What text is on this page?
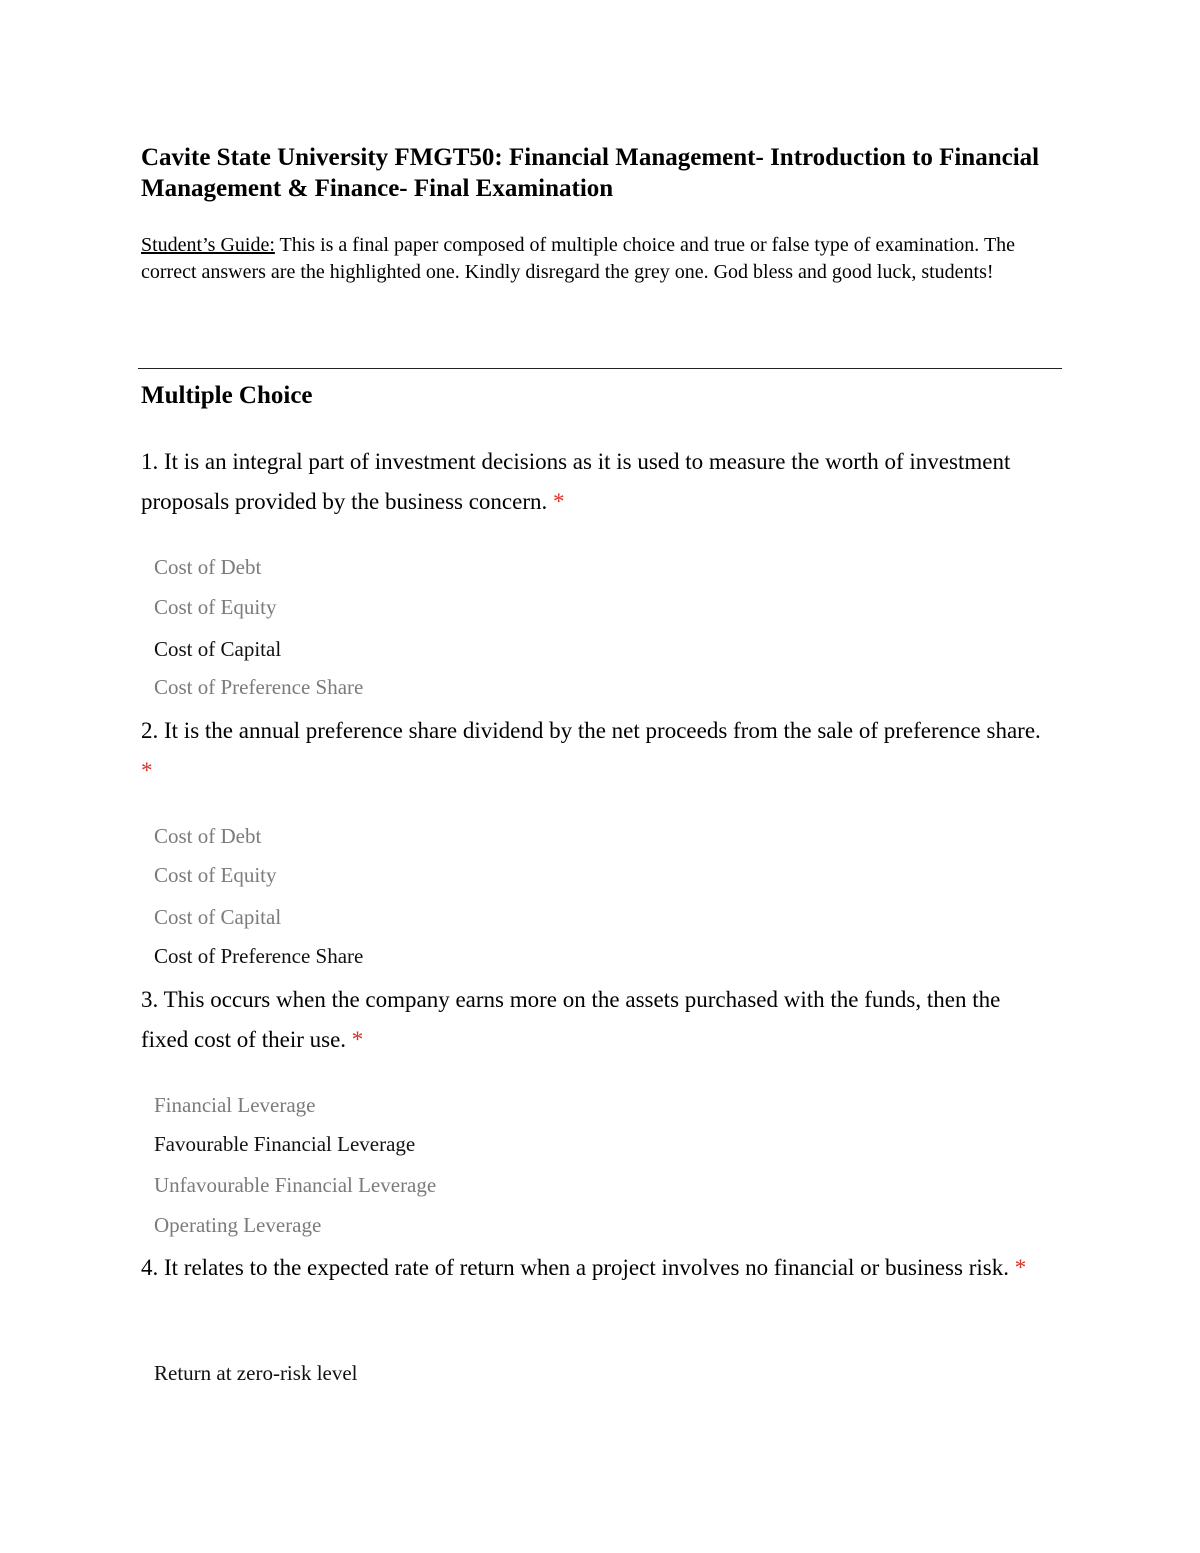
Cavite State University FMGT50: Financial Management- Introduction to Financial Management & Finance- Final Examination

Student’s Guide: This is a final paper composed of multiple choice and true or false type of examination. The correct answers are the highlighted one. Kindly disregard the grey one. God bless and good luck, students!

Multiple Choice

1. It is an integral part of investment decisions as it is used to measure the worth of investment proposals provided by the business concern. *

Cost of Debt

Cost of Equity

Cost of Capital

Cost of Preference Share

2. It is the annual preference share dividend by the net proceeds from the sale of preference share. *

Cost of Debt

Cost of Equity

Cost of Capital

Cost of Preference Share

3. This occurs when the company earns more on the assets purchased with the funds, then the fixed cost of their use. *

Financial Leverage

Favourable Financial Leverage

Unfavourable Financial Leverage

Operating Leverage

4. It relates to the expected rate of return when a project involves no financial or business risk. *

Return at zero-risk level
